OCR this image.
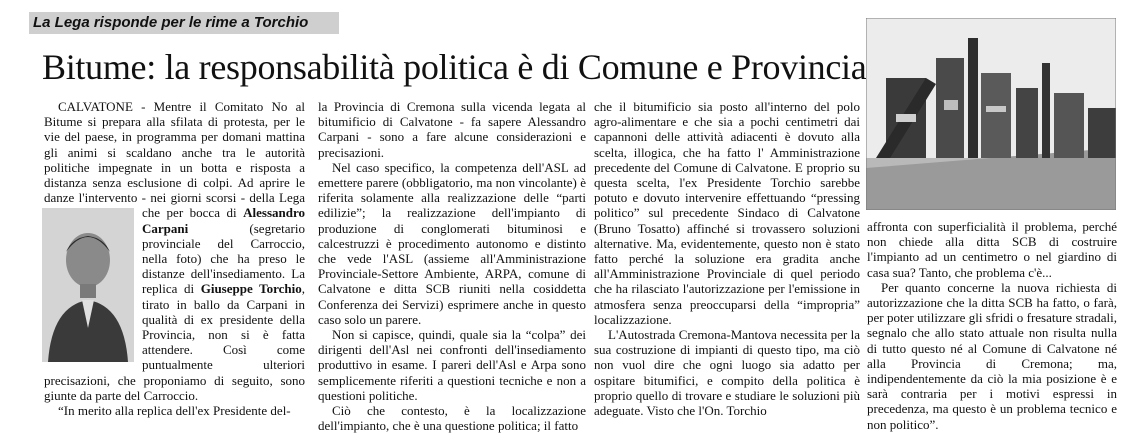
La Lega risponde per le rime a Torchio
Bitume: la responsabilità politica è di Comune e Provincia

CALVATONE - Mentre il Comitato No al Bitume si prepara alla sfilata di protesta, per le vie del paese, in programma per domani mattina gli animi si scaldano anche tra le autorità politiche impegnate in un botta e risposta a distanza senza esclusione di colpi. Ad aprire le danze l'intervento - nei giorni scorsi - della Lega che per bocca di
Alessandro Carpani (segretario provinciale del Carroccio, nella foto) che ha preso le distanze dell'insediamento. La replica di Giuseppe Torchio, tirato in ballo da Carpani in qualità di ex presidente della Provincia, non si è fatta attendere. Così come puntualmente ulteriori precisazioni, che proponiamo di seguito, sono giunte da parte del Carroccio.

“In merito alla replica dell'ex Presidente del-

la Provincia di Cremona sulla vicenda legata al bitumificio di Calvatone - fa sapere Alessandro Carpani - sono a fare alcune considerazioni e precisazioni.

Nel caso specifico, la competenza dell'ASL ad emettere parere (obbligatorio, ma non vincolante) è riferita solamente alla realizzazione delle “parti edilizie”; la realizzazione dell'impianto di produzione di conglomerati bituminosi e calcestruzzi è procedimento autonomo e distinto che vede l'ASL (assieme all'Amministrazione Provinciale-Settore Ambiente, ARPA, comune di Calvatone e ditta SCB riuniti nella cosiddetta Conferenza dei Servizi) esprimere anche in questo caso solo un parere.

Non si capisce, quindi, quale sia la “colpa” dei dirigenti dell'Asl nei confronti dell'insediamento produttivo in esame. I pareri dell'Asl e Arpa sono semplicemente riferiti a questioni tecniche e non a questioni politiche.

Ciò che contesto, è la localizzazione dell'impianto, che è una questione politica; il fatto

che il bitumificio sia posto all'interno del polo agro-alimentare e che sia a pochi centimetri dai capannoni delle attività adiacenti è dovuto alla scelta, illogica, che ha fatto l' Amministrazione precedente del Comune di Calvatone. E proprio su questa scelta, l'ex Presidente Torchio sarebbe potuto e dovuto intervenire effettuando “pressing politico” sul precedente Sindaco di Calvatone (Bruno Tosatto) affinché si trovassero soluzioni alternative. Ma, evidentemente, questo non è stato fatto perché la soluzione era gradita anche all'Amministrazione Provinciale di quel periodo che ha rilasciato l'autorizzazione per l'emissione in atmosfera senza preoccuparsi della “impropria” localizzazione.

L'Autostrada Cremona-Mantova necessita per la sua costruzione di impianti di questo tipo, ma ciò non vuol dire che ogni luogo sia adatto per ospitare bitumifici, e compito della politica è proprio quello di trovare e studiare le soluzioni più adeguate. Visto che l'On. Torchio

affronta con superficialità il problema, perché non chiede alla ditta SCB di costruire l'impianto ad un centimetro o nel giardino di casa sua? Tanto, che problema c'è...

Per quanto concerne la nuova richiesta di autorizzazione che la ditta SCB ha fatto, o farà, per poter utilizzare gli sfridi o fresature stradali, segnalo che allo stato attuale non risulta nulla di tutto questo né al Comune di Calvatone né alla Provincia di Cremona; ma, indipendentemente da ciò la mia posizione è e sarà contraria per i motivi espressi in precedenza, ma questo è un problema tecnico e non politico”.
